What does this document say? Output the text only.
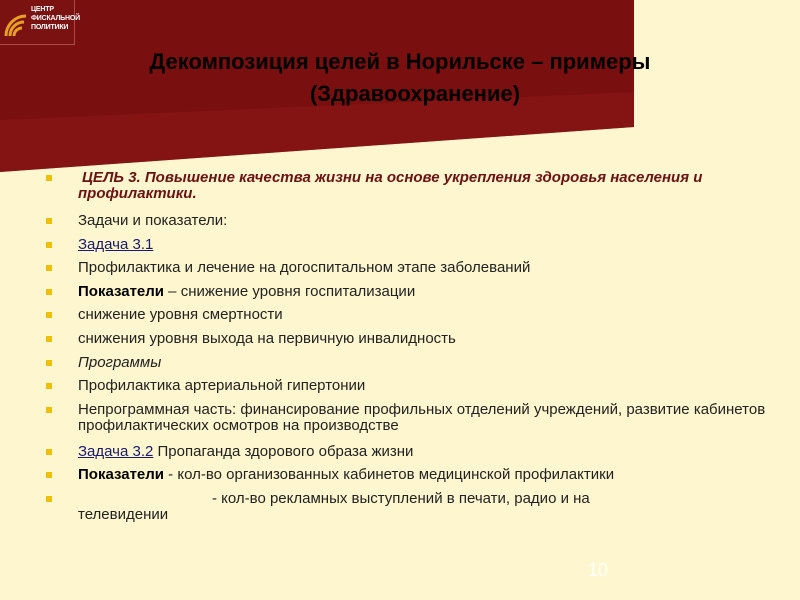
ЦЕНТР
ФИСКАЛЬНОЙ
ПОЛИТИКИ
Декомпозиция целей в Норильске – примеры
(Здравоохранение)
ЦЕЛЬ 3. Повышение качества жизни на основе укрепления здоровья населения и профилактики.
Задачи и показатели:
Задача 3.1
Профилактика и лечение на догоспитальном этапе заболеваний
Показатели – снижение уровня госпитализации
снижение уровня смертности
снижения уровня выхода на первичную инвалидность
Программы
Профилактика артериальной гипертонии
Непрограммная часть: финансирование профильных отделений учреждений, развитие кабинетов профилактических осмотров на производстве
Задача 3.2 Пропаганда здорового образа жизни
Показатели - кол-во организованных кабинетов медицинской профилактики
- кол-во рекламных выступлений в печати, радио и на
телевидении
10
